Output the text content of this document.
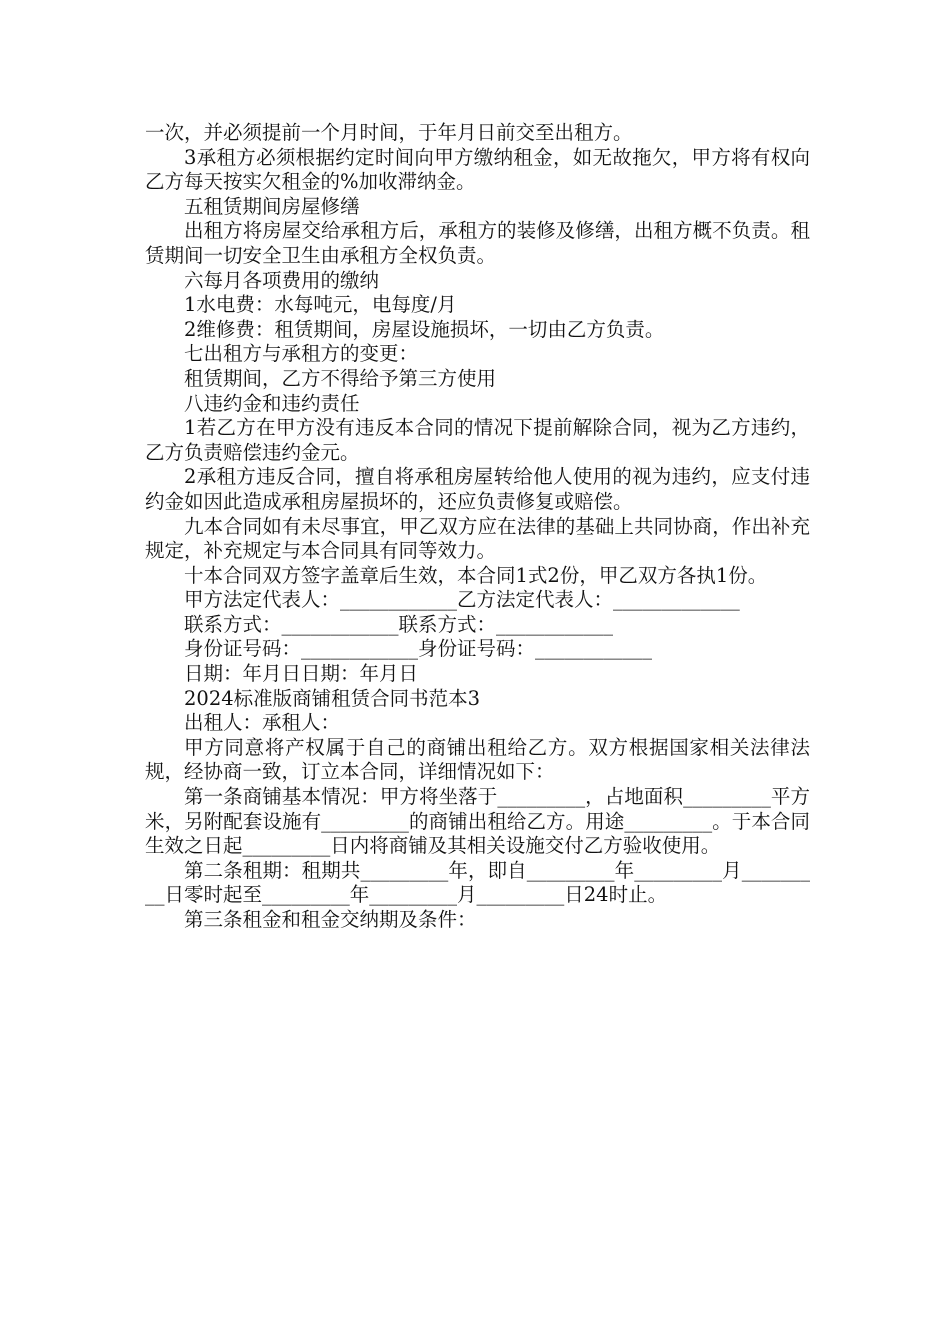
一次，并必须提前一个月时间，于年月日前交至出租方。

3承租方必须根据约定时间向甲方缴纳租金，如无故拖欠，甲方将有权向乙方每天按实欠租金的%加收滞纳金。

五租赁期间房屋修缮

出租方将房屋交给承租方后，承租方的装修及修缮，出租方概不负责。租赁期间一切安全卫生由承租方全权负责。

六每月各项费用的缴纳

1水电费：水每吨元，电每度/月

2维修费：租赁期间，房屋设施损坏，一切由乙方负责。

七出租方与承租方的变更：

租赁期间，乙方不得给予第三方使用

八违约金和违约责任

1若乙方在甲方没有违反本合同的情况下提前解除合同，视为乙方违约，乙方负责赔偿违约金元。

2承租方违反合同，擅自将承租房屋转给他人使用的视为违约，应支付违约金如因此造成承租房屋损坏的，还应负责修复或赔偿。

九本合同如有未尽事宜，甲乙双方应在法律的基础上共同协商，作出补充规定，补充规定与本合同具有同等效力。

十本合同双方签字盖章后生效，本合同1式2份，甲乙双方各执1份。

甲方法定代表人：____________乙方法定代表人：_____________

联系方式：____________联系方式：____________

身份证号码：____________身份证号码：____________

日期：年月日日期：年月日

2024标准版商铺租赁合同书范本3

出租人：承租人：

甲方同意将产权属于自己的商铺出租给乙方。双方根据国家相关法律法规，经协商一致，订立本合同，详细情况如下：

第一条商铺基本情况：甲方将坐落于_________，占地面积_________平方米，另附配套设施有_________的商铺出租给乙方。用途_________。于本合同生效之日起_________日内将商铺及其相关设施交付乙方验收使用。

第二条租期：租期共_________年，即自_________年_________月_________日零时起至_________年_________月_________日24时止。

第三条租金和租金交纳期及条件：
